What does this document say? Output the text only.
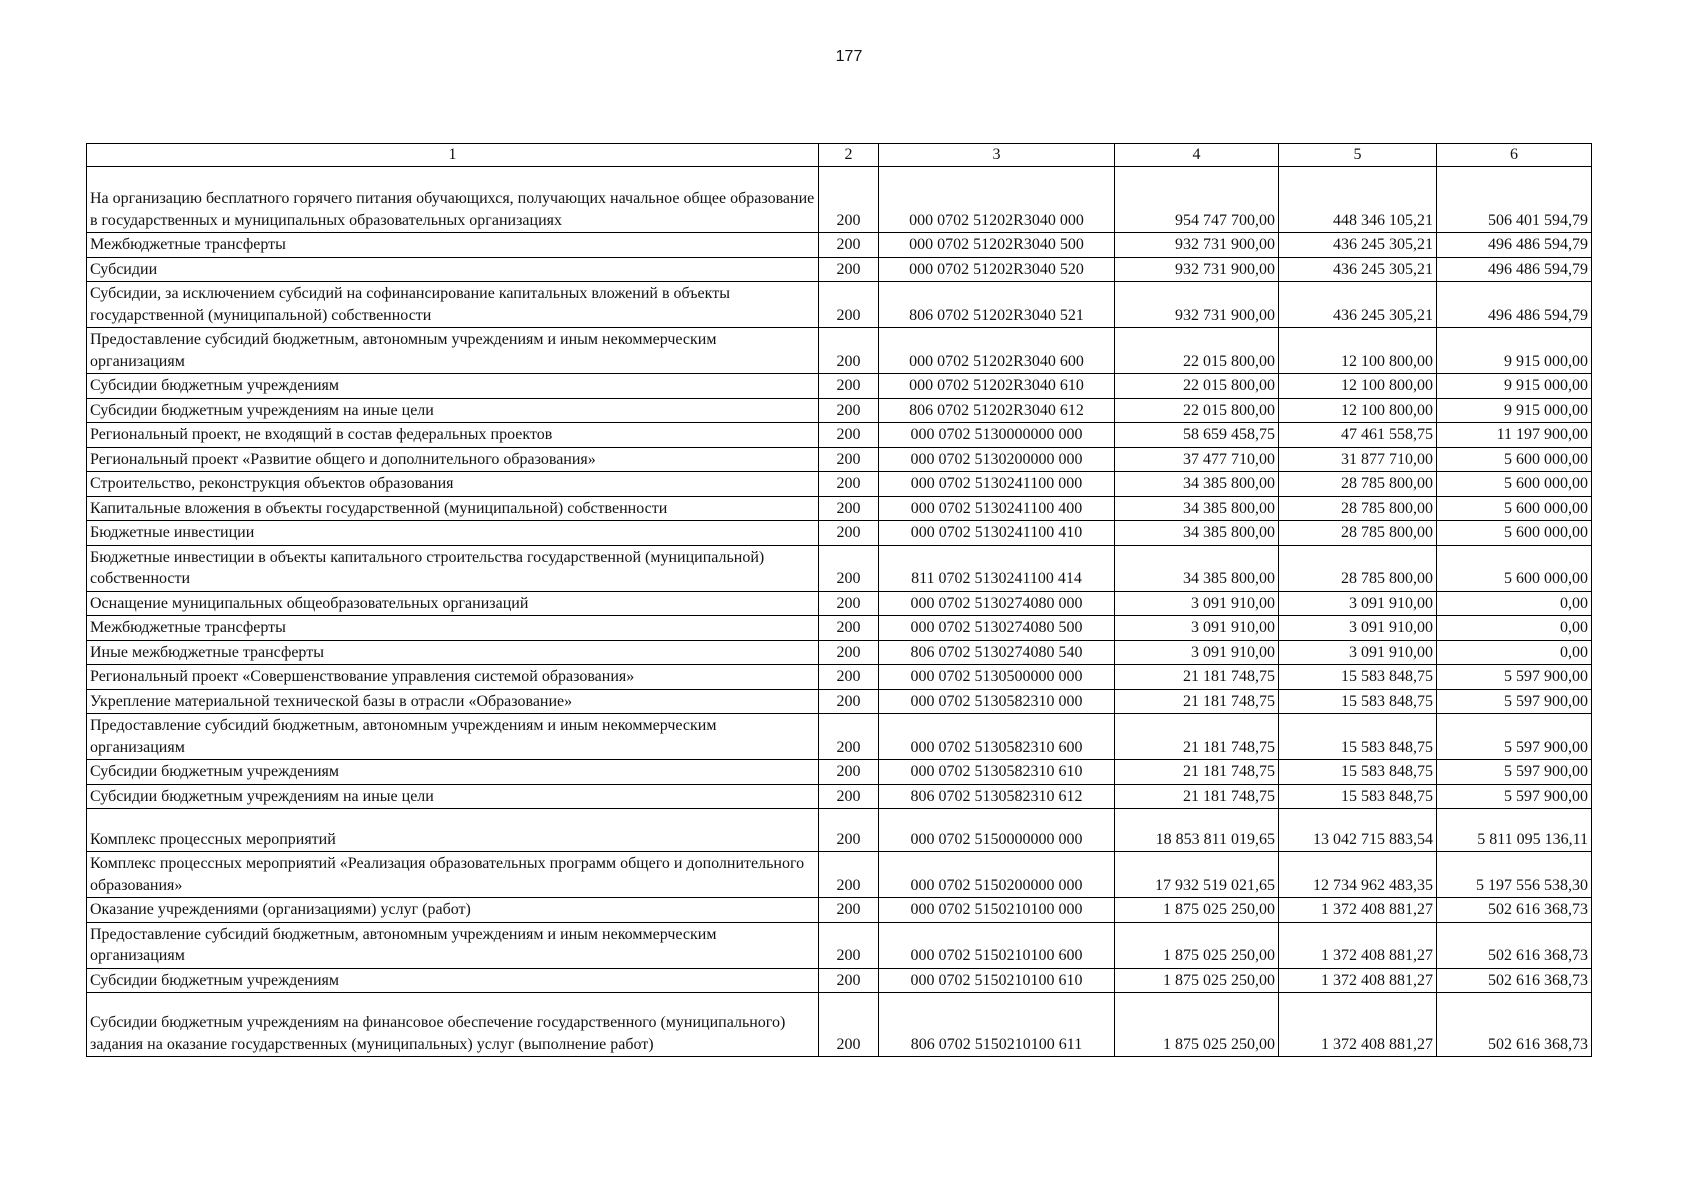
177
1	2	3	4	5	6
На организацию бесплатного горячего питания обучающихся, получающих начальное общее образование в государственных и муниципальных образовательных организациях	200	000 0702 51202R3040 000	954 747 700,00	448 346 105,21	506 401 594,79
Межбюджетные трансферты	200	000 0702 51202R3040 500	932 731 900,00	436 245 305,21	496 486 594,79
Субсидии	200	000 0702 51202R3040 520	932 731 900,00	436 245 305,21	496 486 594,79
Субсидии, за исключением субсидий на софинансирование капитальных вложений в объекты государственной (муниципальной) собственности	200	806 0702 51202R3040 521	932 731 900,00	436 245 305,21	496 486 594,79
Предоставление субсидий бюджетным, автономным учреждениям и иным некоммерческим организациям	200	000 0702 51202R3040 600	22 015 800,00	12 100 800,00	9 915 000,00
Субсидии бюджетным учреждениям	200	000 0702 51202R3040 610	22 015 800,00	12 100 800,00	9 915 000,00
Субсидии бюджетным учреждениям на иные цели	200	806 0702 51202R3040 612	22 015 800,00	12 100 800,00	9 915 000,00
Региональный проект, не входящий в состав федеральных проектов	200	000 0702 5130000000 000	58 659 458,75	47 461 558,75	11 197 900,00
Региональный проект «Развитие общего и дополнительного образования»	200	000 0702 5130200000 000	37 477 710,00	31 877 710,00	5 600 000,00
Строительство, реконструкция объектов образования	200	000 0702 5130241100 000	34 385 800,00	28 785 800,00	5 600 000,00
Капитальные вложения в объекты государственной (муниципальной) собственности	200	000 0702 5130241100 400	34 385 800,00	28 785 800,00	5 600 000,00
Бюджетные инвестиции	200	000 0702 5130241100 410	34 385 800,00	28 785 800,00	5 600 000,00
Бюджетные инвестиции в объекты капитального строительства государственной (муниципальной) собственности	200	811 0702 5130241100 414	34 385 800,00	28 785 800,00	5 600 000,00
Оснащение муниципальных общеобразовательных организаций	200	000 0702 5130274080 000	3 091 910,00	3 091 910,00	0,00
Межбюджетные трансферты	200	000 0702 5130274080 500	3 091 910,00	3 091 910,00	0,00
Иные межбюджетные трансферты	200	806 0702 5130274080 540	3 091 910,00	3 091 910,00	0,00
Региональный проект «Совершенствование управления системой образования»	200	000 0702 5130500000 000	21 181 748,75	15 583 848,75	5 597 900,00
Укрепление материальной технической базы в отрасли «Образование»	200	000 0702 5130582310 000	21 181 748,75	15 583 848,75	5 597 900,00
Предоставление субсидий бюджетным, автономным учреждениям и иным некоммерческим организациям	200	000 0702 5130582310 600	21 181 748,75	15 583 848,75	5 597 900,00
Субсидии бюджетным учреждениям	200	000 0702 5130582310 610	21 181 748,75	15 583 848,75	5 597 900,00
Субсидии бюджетным учреждениям на иные цели	200	806 0702 5130582310 612	21 181 748,75	15 583 848,75	5 597 900,00
Комплекс процессных мероприятий	200	000 0702 5150000000 000	18 853 811 019,65	13 042 715 883,54	5 811 095 136,11
Комплекс процессных мероприятий «Реализация образовательных программ общего и дополнительного образования»	200	000 0702 5150200000 000	17 932 519 021,65	12 734 962 483,35	5 197 556 538,30
Оказание учреждениями (организациями) услуг (работ)	200	000 0702 5150210100 000	1 875 025 250,00	1 372 408 881,27	502 616 368,73
Предоставление субсидий бюджетным, автономным учреждениям и иным некоммерческим организациям	200	000 0702 5150210100 600	1 875 025 250,00	1 372 408 881,27	502 616 368,73
Субсидии бюджетным учреждениям	200	000 0702 5150210100 610	1 875 025 250,00	1 372 408 881,27	502 616 368,73
Субсидии бюджетным учреждениям на финансовое обеспечение государственного (муниципального) задания на оказание государственных (муниципальных) услуг (выполнение работ)	200	806 0702 5150210100 611	1 875 025 250,00	1 372 408 881,27	502 616 368,73
